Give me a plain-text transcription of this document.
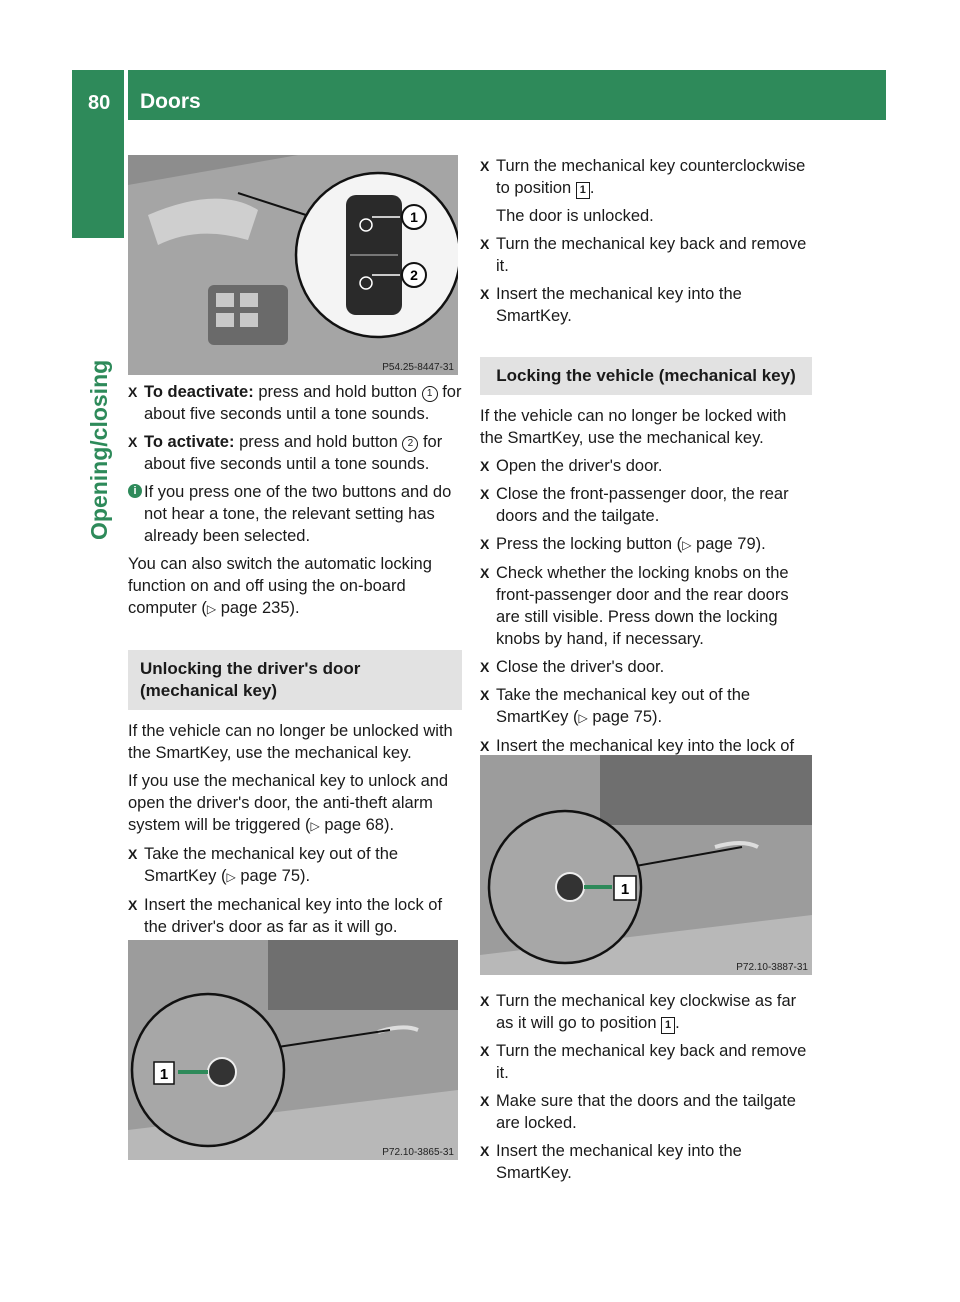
80 Doors
Opening/closing
1
2
P54.25-8447-31
X To deactivate: press and hold button 1 for about five seconds until a tone sounds.
X To activate: press and hold button 2 for about five seconds until a tone sounds.
i If you press one of the two buttons and do not hear a tone, the relevant setting has already been selected.

You can also switch the automatic locking function on and off using the on-board computer (▷ page 235).

Unlocking the driver's door (mechanical key)

If the vehicle can no longer be unlocked with the SmartKey, use the mechanical key.

If you use the mechanical key to unlock and open the driver's door, the anti-theft alarm system will be triggered (▷ page 68).

X Take the mechanical key out of the SmartKey (▷ page 75).
X Insert the mechanical key into the lock of the driver's door as far as it will go.
1
P72.10-3865-31
X Turn the mechanical key counterclockwise to position 1 .
The door is unlocked.
X Turn the mechanical key back and remove it.
X Insert the mechanical key into the SmartKey.
Locking the vehicle (mechanical key)

If the vehicle can no longer be locked with the SmartKey, use the mechanical key.

X Open the driver's door.
X Close the front-passenger door, the rear doors and the tailgate.
X Press the locking button (▷ page 79).
X Check whether the locking knobs on the front-passenger door and the rear doors are still visible. Press down the locking knobs by hand, if necessary.
X Close the driver's door.
X Take the mechanical key out of the SmartKey (▷ page 75).
X Insert the mechanical key into the lock of
1
P72.10-3887-31
X Turn the mechanical key clockwise as far as it will go to position 1 .
X Turn the mechanical key back and remove it.
X Make sure that the doors and the tailgate are locked.
X Insert the mechanical key into the SmartKey.
